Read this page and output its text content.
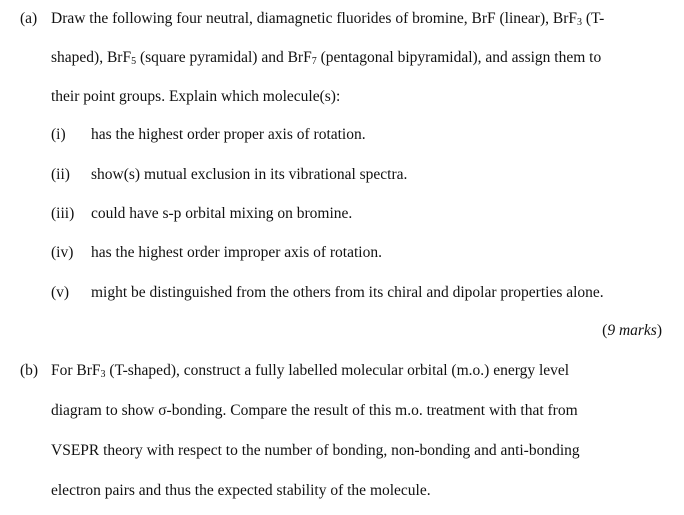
(a) Draw the following four neutral, diamagnetic fluorides of bromine, BrF (linear), BrF$_3$ (T-
shaped), BrF$_5$ (square pyramidal) and BrF$_7$ (pentagonal bipyramidal), and assign them to
their point groups. Explain which molecule(s):
(i) has the highest order proper axis of rotation.
(ii) show(s) mutual exclusion in its vibrational spectra.
(iii) could have s-p orbital mixing on bromine.
(iv) has the highest order improper axis of rotation.
(v) might be distinguished from the others from its chiral and dipolar properties alone.
(9 marks)
(b) For BrF$_3$ (T-shaped), construct a fully labelled molecular orbital (m.o.) energy level
diagram to show σ-bonding. Compare the result of this m.o. treatment with that from
VSEPR theory with respect to the number of bonding, non-bonding and anti-bonding
electron pairs and thus the expected stability of the molecule.
